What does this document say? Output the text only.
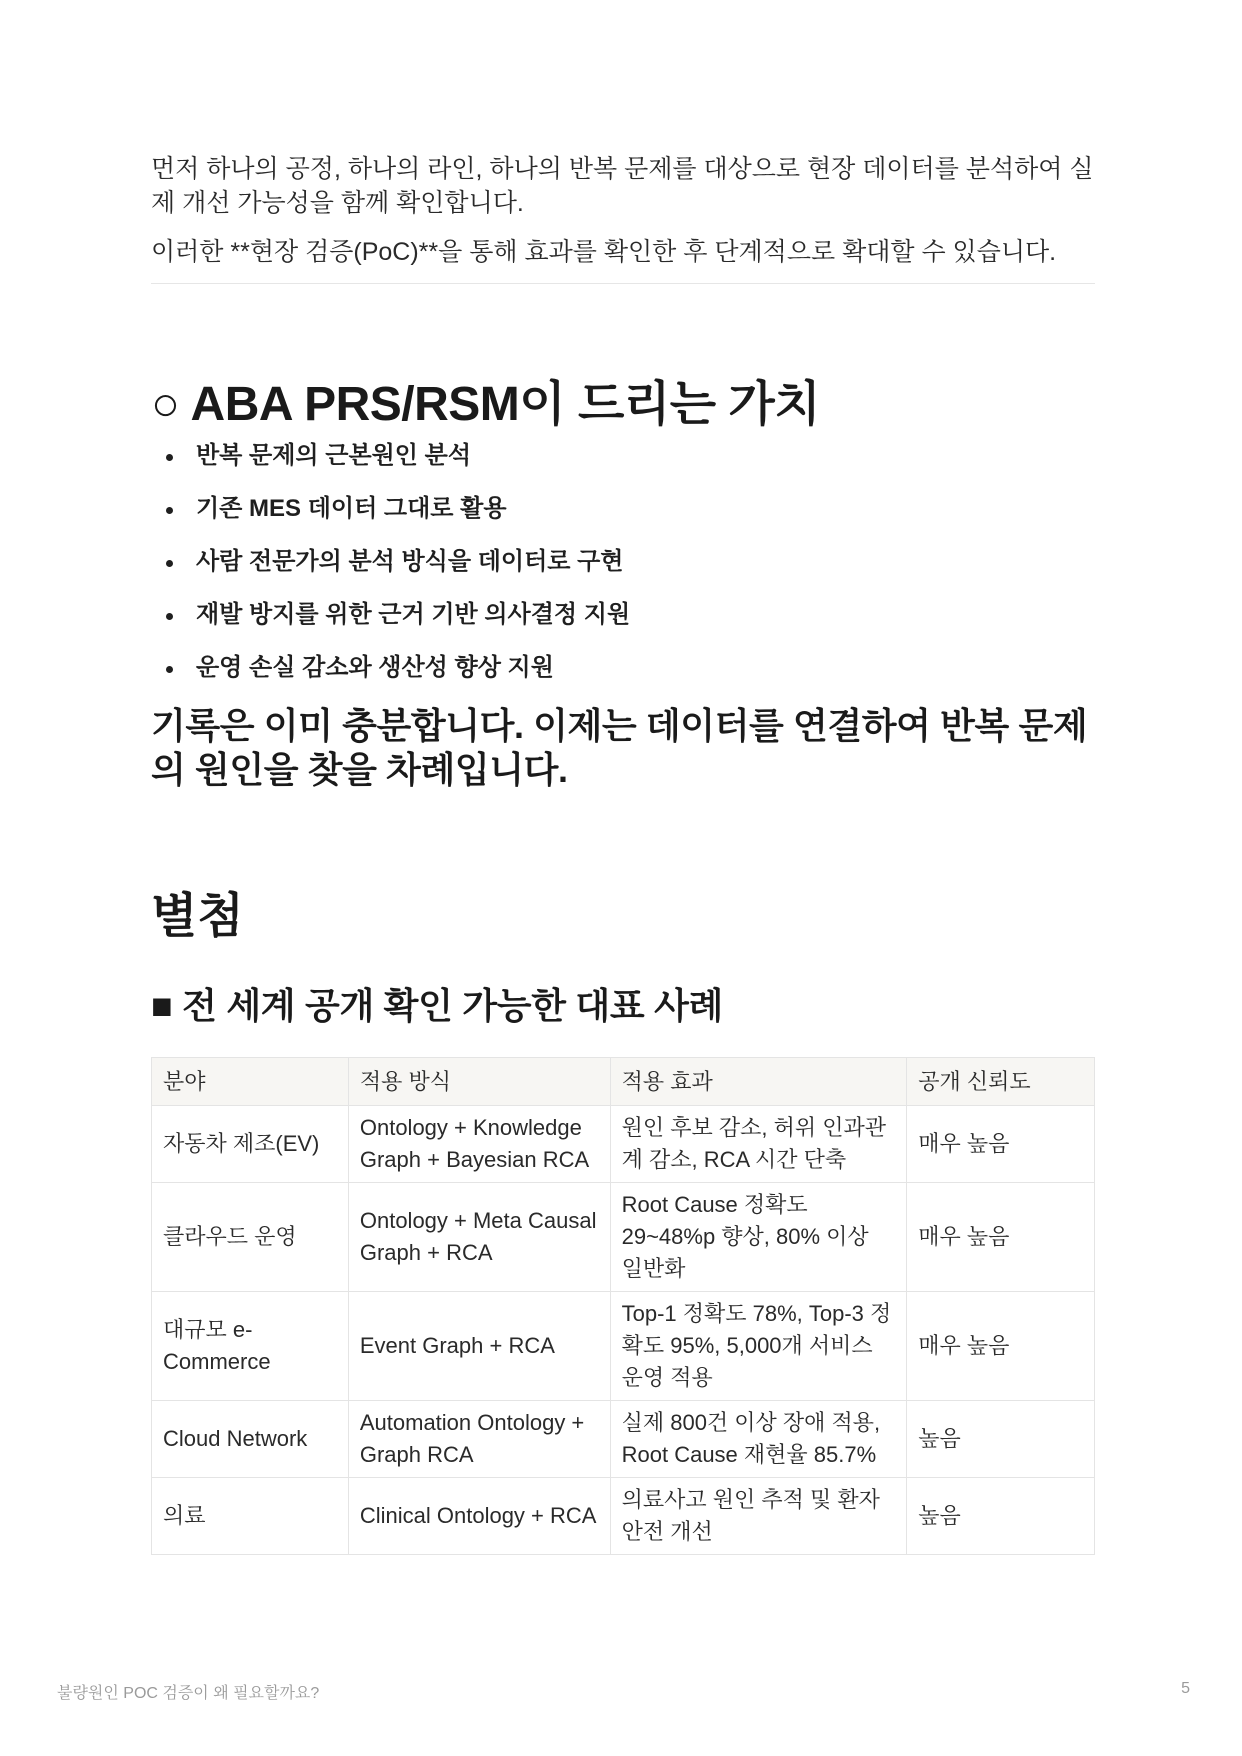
먼저 하나의 공정, 하나의 라인, 하나의 반복 문제를 대상으로 현장 데이터를 분석하여 실제 개선 가능성을 함께 확인합니다.

이러한 **현장 검증(PoC)**을 통해 효과를 확인한 후 단계적으로 확대할 수 있습니다.

○ ABA PRS/RSM이 드리는 가치
반복 문제의 근본원인 분석
기존 MES 데이터 그대로 활용
사람 전문가의 분석 방식을 데이터로 구현
재발 방지를 위한 근거 기반 의사결정 지원
운영 손실 감소와 생산성 향상 지원
기록은 이미 충분합니다. 이제는 데이터를 연결하여 반복 문제의 원인을 찾을 차례입니다.
별첨
■ 전 세계 공개 확인 가능한 대표 사례
분야	적용 방식	적용 효과	공개 신뢰도
자동차 제조(EV)	Ontology + Knowledge Graph + Bayesian RCA	원인 후보 감소, 허위 인과관계 감소, RCA 시간 단축	매우 높음
클라우드 운영	Ontology + Meta Causal Graph + RCA	Root Cause 정확도 29~48%p 향상, 80% 이상 일반화	매우 높음
대규모 e-Commerce	Event Graph + RCA	Top-1 정확도 78%, Top-3 정확도 95%, 5,000개 서비스 운영 적용	매우 높음
Cloud Network	Automation Ontology + Graph RCA	실제 800건 이상 장애 적용, Root Cause 재현율 85.7%	높음
의료	Clinical Ontology + RCA	의료사고 원인 추적 및 환자안전 개선	높음
불량원인 POC 검증이 왜 필요할까요?	5
